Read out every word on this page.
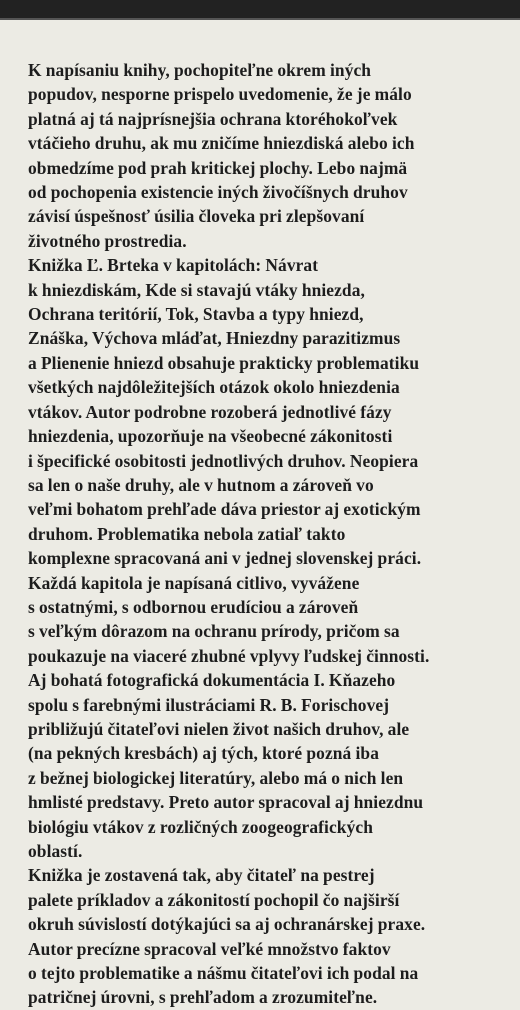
K napísaniu knihy, pochopiteľne okrem iných
popudov, nesporne prispelo uvedomenie, že je málo
platná aj tá najprísnejšia ochrana ktoréhokoľvek
vtáčieho druhu, ak mu zničíme hniezdiská alebo ich
obmedzíme pod prah kritickej plochy. Lebo najmä
od pochopenia existencie iných živočíšnych druhov
závisí úspešnosť úsilia človeka pri zlepšovaní
životného prostredia.
Knižka Ľ. Brteka v kapitolách: Návrat
k hniezdiskám, Kde si stavajú vtáky hniezda,
Ochrana teritórií, Tok, Stavba a typy hniezd,
Znáška, Výchova mláďat, Hniezdny parazitizmus
a Plienenie hniezd obsahuje prakticky problematiku
všetkých najdôležitejších otázok okolo hniezdenia
vtákov. Autor podrobne rozoberá jednotlivé fázy
hniezdenia, upozorňuje na všeobecné zákonitosti
i špecifické osobitosti jednotlivých druhov. Neopiera
sa len o naše druhy, ale v hutnom a zároveň vo
veľmi bohatom prehľade dáva priestor aj exotickým
druhom. Problematika nebola zatiaľ takto
komplexne spracovaná ani v jednej slovenskej práci.
Každá kapitola je napísaná citlivo, vyvážene
s ostatnými, s odbornou erudíciou a zároveň
s veľkým dôrazom na ochranu prírody, pričom sa
poukazuje na viaceré zhubné vplyvy ľudskej činnosti.
Aj bohatá fotografická dokumentácia I. Kňazeho
spolu s farebnými ilustráciami R. B. Forischovej
približujú čitateľovi nielen život našich druhov, ale
(na pekných kresbách) aj tých, ktoré pozná iba
z bežnej biologickej literatúry, alebo má o nich len
hmlisté predstavy. Preto autor spracoval aj hniezdnu
biológiu vtákov z rozličných zoogeografických
oblastí.
Knižka je zostavená tak, aby čitateľ na pestrej
palete príkladov a zákonitostí pochopil čo najširší
okruh súvislostí dotýkajúci sa aj ochranárskej praxe.
Autor precízne spracoval veľké množstvo faktov
o tejto problematike a nášmu čitateľovi ich podal na
patričnej úrovni, s prehľadom a zrozumiteľne.
